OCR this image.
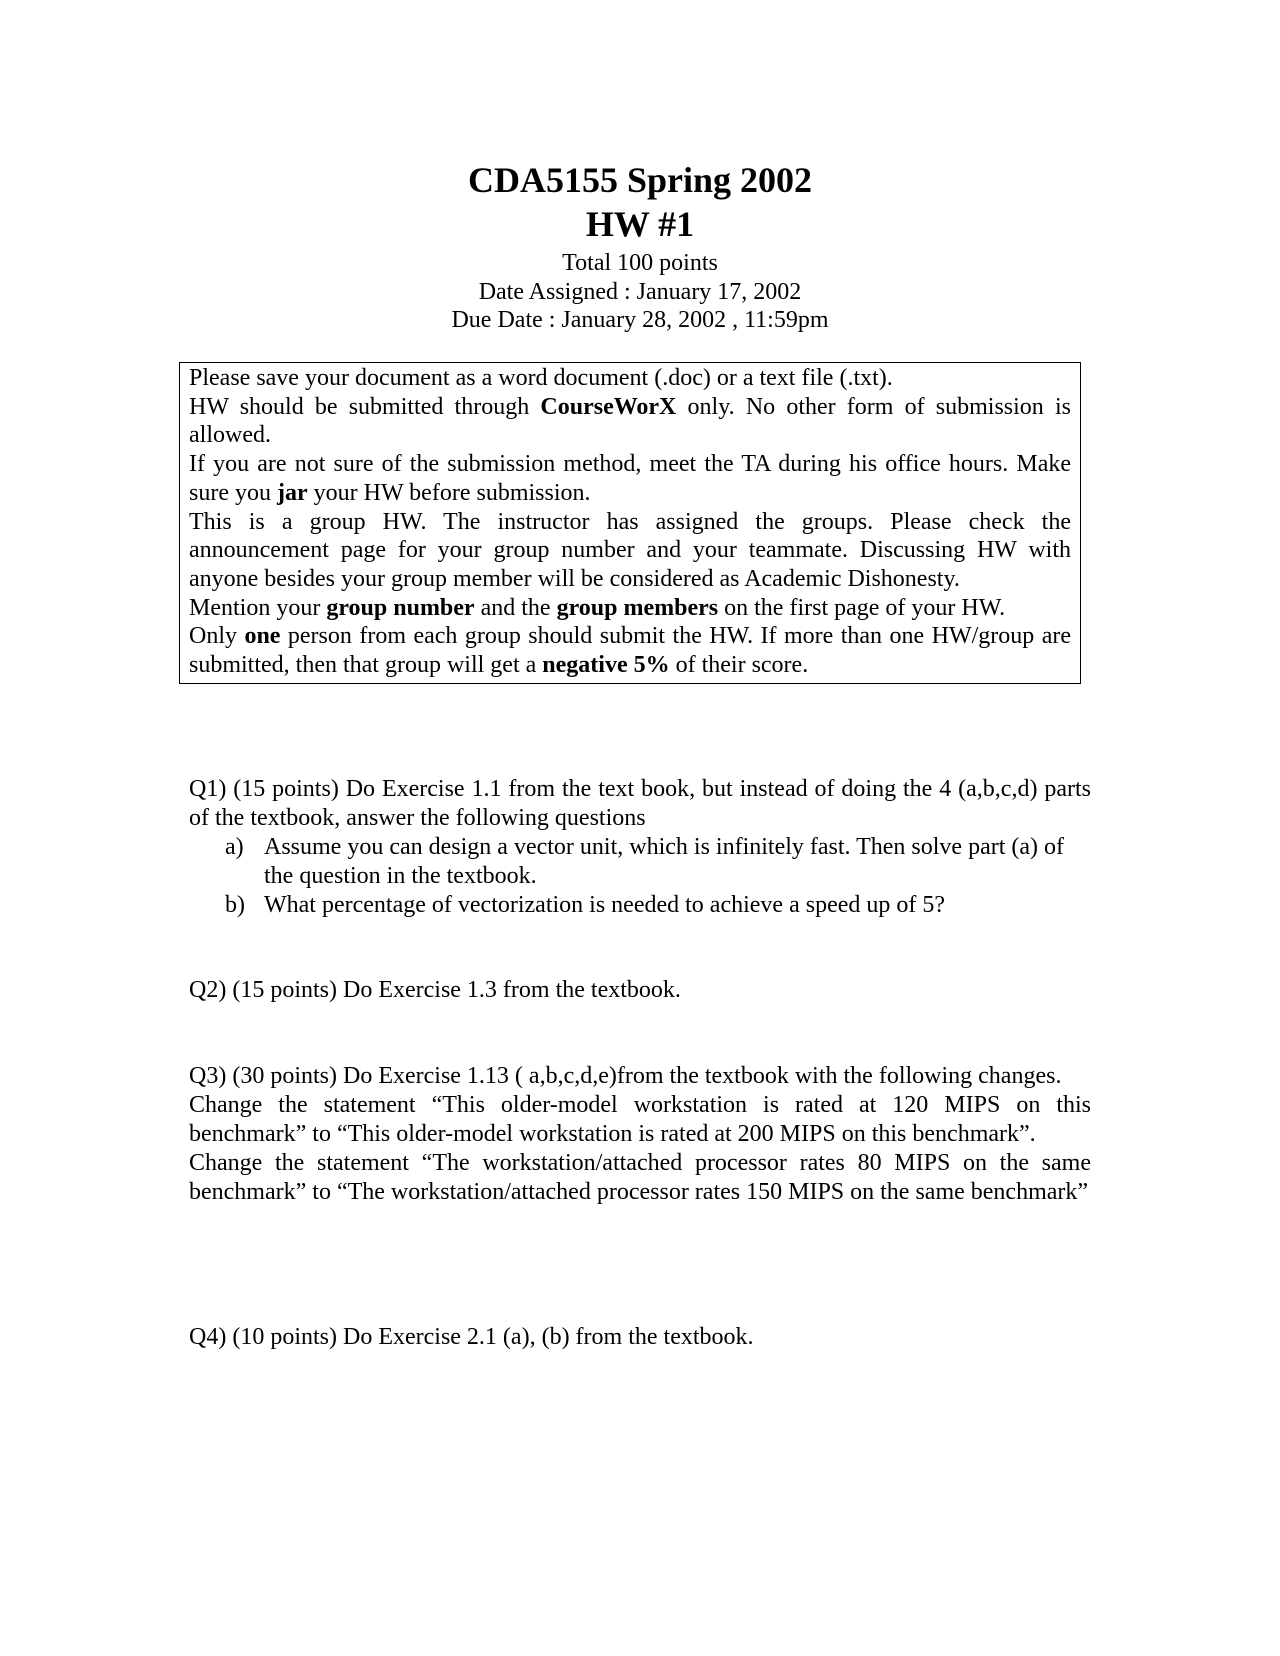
CDA5155 Spring 2002
HW #1
Total 100 points
Date Assigned : January 17, 2002
Due Date : January 28, 2002 , 11:59pm

Please save your document as a word document (.doc) or a text file (.txt).

HW should be submitted through CourseWorX only. No other form of submission is allowed.

If you are not sure of the submission method, meet the TA during his office hours. Make sure you jar your HW before submission.

This is a group HW. The instructor has assigned the groups. Please check the announcement page for your group number and your teammate. Discussing HW with anyone besides your group member will be considered as Academic Dishonesty.

Mention your group number and the group members on the first page of your HW.

Only one person from each group should submit the HW. If more than one HW/group are submitted, then that group will get a negative 5% of their score.

Q1) (15 points) Do Exercise 1.1 from the text book, but instead of doing the 4 (a,b,c,d) parts of the textbook, answer the following questions

a) Assume you can design a vector unit, which is infinitely fast. Then solve part (a) of the question in the textbook.
b) What percentage of vectorization is needed to achieve a speed up of 5?

Q2) (15 points) Do Exercise 1.3 from the textbook.

Q3) (30 points) Do Exercise 1.13 ( a,b,c,d,e)from the textbook with the following changes.

Change the statement “This older-model workstation is rated at 120 MIPS on this benchmark” to “This older-model workstation is rated at 200 MIPS on this benchmark”.

Change the statement “The workstation/attached processor rates 80 MIPS on the same benchmark” to “The workstation/attached processor rates 150 MIPS on the same benchmark”

Q4) (10 points) Do Exercise 2.1 (a), (b) from the textbook.
